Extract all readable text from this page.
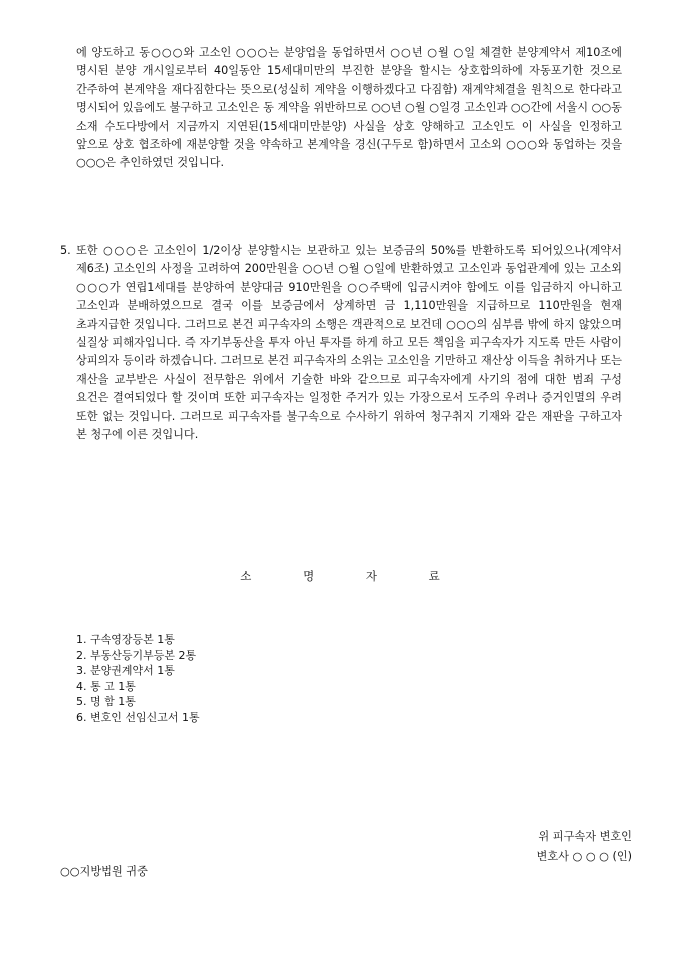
에 양도하고 동○○○와 고소인 ○○○는 분양업을 동업하면서 ○○년 ○월 ○일 체결한 분양계약서 제10조에 명시된 분양 개시일로부터 40일동안 15세대미만의 부진한 분양을 할시는 상호합의하에 자동포기한 것으로 간주하여 본계약을 재다짐한다는 뜻으로(성실히 계약을 이행하겠다고 다짐함) 재계약체결을 원칙으로 한다라고 명시되어 있음에도 불구하고 고소인은 동 계약을 위반하므로 ○○년 ○월 ○일경 고소인과 ○○간에 서울시 ○○동 소재 수도다방에서 지금까지 지연된(15세대미만분양) 사실을 상호 양해하고 고소인도 이 사실을 인정하고 앞으로 상호 협조하에 재분양할 것을 약속하고 본계약을 경신(구두로 함)하면서 고소외 ○○○와 동업하는 것을 ○○○은 추인하였던 것입니다.

5. 또한 ○○○은 고소인이 1/2이상 분양할시는 보관하고 있는 보증금의 50%를 반환하도록 되어있으나(계약서 제6조) 고소인의 사정을 고려하여 200만원을 ○○년 ○월 ○일에 반환하였고 고소인과 동업관계에 있는 고소외 ○○○가 연립1세대를 분양하여 분양대금 910만원을 ○○주택에 입금시켜야 함에도 이를 입금하지 아니하고 고소인과 분배하였으므로 결국 이를 보증금에서 상계하면 금 1,110만원을 지급하므로 110만원을 현재 초과지급한 것입니다. 그러므로 본건 피구속자의 소행은 객관적으로 보건데 ○○○의 심부름 밖에 하지 않았으며 실질상 피해자입니다. 즉 자기부동산을 투자 아닌 투자를 하게 하고 모든 책임을 피구속자가 지도록 만든 사람이 상피의자 등이라 하겠습니다. 그러므로 본건 피구속자의 소위는 고소인을 기만하고 재산상 이득을 취하거나 또는 재산을 교부받은 사실이 전무함은 위에서 기술한 바와 같으므로 피구속자에게 사기의 점에 대한 범죄 구성 요건은 결여되었다 할 것이며 또한 피구속자는 일정한 주거가 있는 가장으로서 도주의 우려나 증거인멸의 우려 또한 없는 것입니다. 그러므로 피구속자를 불구속으로 수사하기 위하여 청구취지 기재와 같은 재판을 구하고자 본 청구에 이른 것입니다.

소	명	자	료
1. 구속영장등본 1통
2. 부동산등기부등본 2통
3. 분양권계약서 1통
4. 통 고 1통
5. 명 함 1통
6. 변호인 선임신고서 1통
위 피구속자 변호인
변호사 ○ ○ ○ (인)
○○지방법원 귀중
